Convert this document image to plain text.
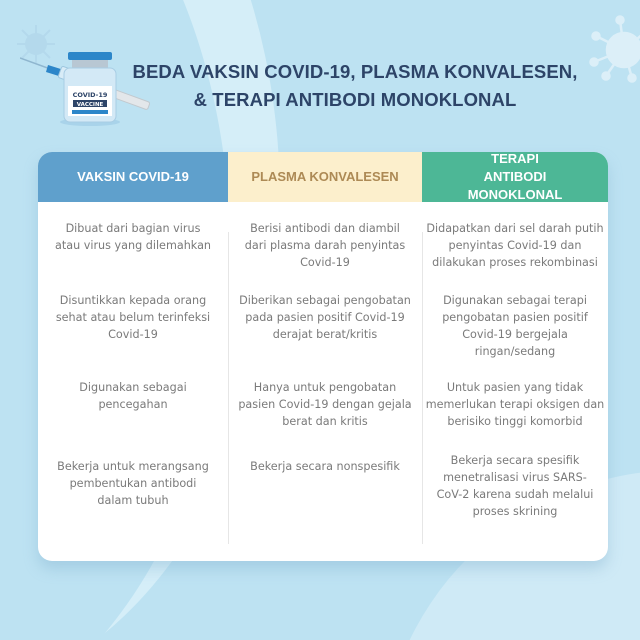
COVID-19
VACCINE
BEDA VAKSIN COVID-19, PLASMA KONVALESEN,
& TERAPI ANTIBODI MONOKLONAL
VAKSIN COVID-19	PLASMA KONVALESEN
TERAPI ANTIBODI MONOKLONAL
Dibuat dari bagian virus atau virus yang dilemahkan
Disuntikkan kepada orang sehat atau belum terinfeksi Covid-19
Digunakan sebagai pencegahan
Bekerja untuk merangsang pembentukan antibodi dalam tubuh
Berisi antibodi dan diambil dari plasma darah penyintas Covid-19
Diberikan sebagai pengobatan pada pasien positif Covid-19 derajat berat/kritis
Hanya untuk pengobatan pasien Covid-19 dengan gejala berat dan kritis
Bekerja secara nonspesifik
Didapatkan dari sel darah putih penyintas Covid-19 dan dilakukan proses rekombinasi
Digunakan sebagai terapi pengobatan pasien positif Covid-19 bergejala ringan/sedang
Untuk pasien yang tidak memerlukan terapi oksigen dan berisiko tinggi komorbid
Bekerja secara spesifik menetralisasi virus SARS-CoV-2 karena sudah melalui proses skrining
